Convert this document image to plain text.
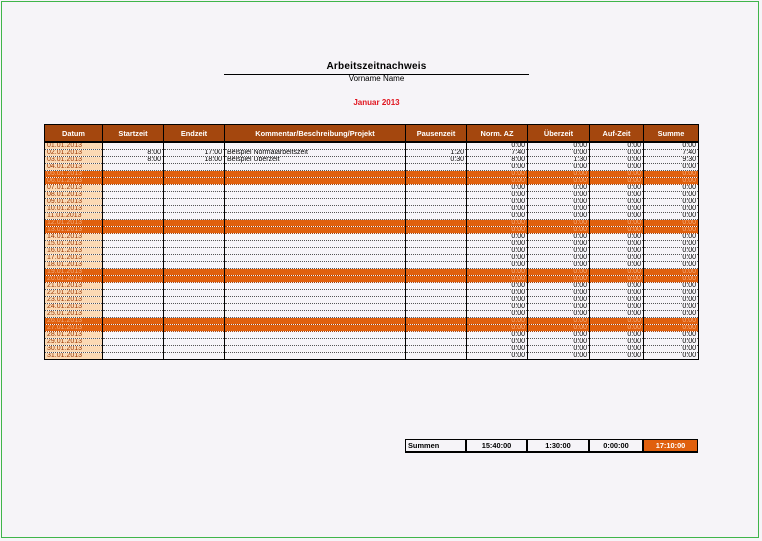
Arbeitszeitnachweis
Vorname Name
Januar 2013
Datum	Startzeit	Endzeit	Kommentar/Beschreibung/Projekt	Pausenzeit	Norm. AZ	Überzeit	Auf-Zeit	Summe
01.01.2013					0:00	0:00	0:00	0:00
02.01.2013	8:00	17:00	Beispiel Normalarbeitszeit	1:20	7:40	0:00	0:00	7:40
03.01.2013	8:00	18:00	Beispiel Überzeit	0:30	8:00	1:30	0:00	9:30
04.01.2013					0:00	0:00	0:00	0:00
05.01.2013					0:00	0:00	0:00	0:00
06.01.2013					0:00	0:00	0:00	0:00
07.01.2013					0:00	0:00	0:00	0:00
08.01.2013					0:00	0:00	0:00	0:00
09.01.2013					0:00	0:00	0:00	0:00
10.01.2013					0:00	0:00	0:00	0:00
11.01.2013					0:00	0:00	0:00	0:00
12.01.2013					0:00	0:00	0:00	0:00
13.01.2013					0:00	0:00	0:00	0:00
14.01.2013					0:00	0:00	0:00	0:00
15.01.2013					0:00	0:00	0:00	0:00
16.01.2013					0:00	0:00	0:00	0:00
17.01.2013					0:00	0:00	0:00	0:00
18.01.2013					0:00	0:00	0:00	0:00
19.01.2013					0:00	0:00	0:00	0:00
20.01.2013					0:00	0:00	0:00	0:00
21.01.2013					0:00	0:00	0:00	0:00
22.01.2013					0:00	0:00	0:00	0:00
23.01.2013					0:00	0:00	0:00	0:00
24.01.2013					0:00	0:00	0:00	0:00
25.01.2013					0:00	0:00	0:00	0:00
26.01.2013					0:00	0:00	0:00	0:00
27.01.2013					0:00	0:00	0:00	0:00
28.01.2013					0:00	0:00	0:00	0:00
29.01.2013					0:00	0:00	0:00	0:00
30.01.2013					0:00	0:00	0:00	0:00
31.01.2013					0:00	0:00	0:00	0:00
				Summen	15:40:00	1:30:00	0:00:00	17:10:00
